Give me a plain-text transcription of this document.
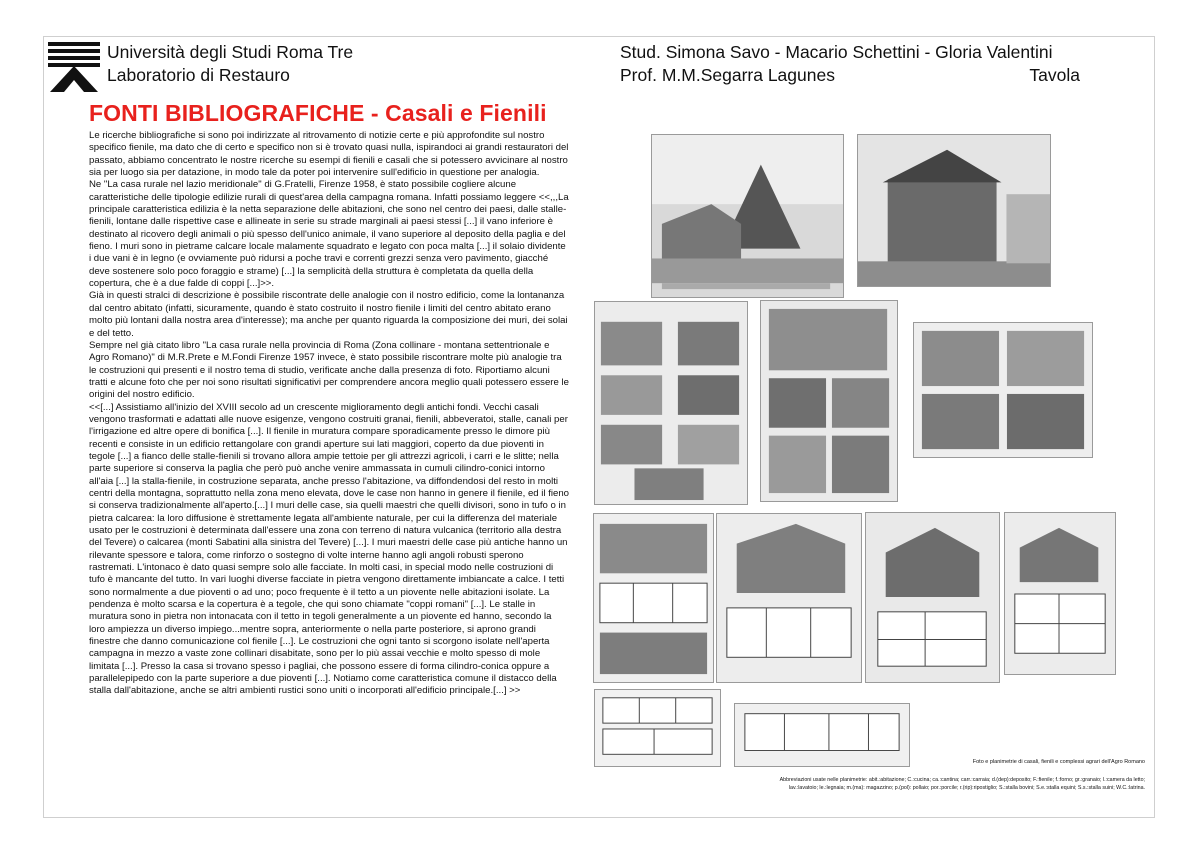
Università degli Studi Roma Tre
Laboratorio di Restauro
Stud. Simona Savo - Macario Schettini - Gloria Valentini
Prof. M.M.Segarra Lagunes	Tavola
FONTI BIBLIOGRAFICHE - Casali e Fienili

Le ricerche bibliografiche si sono poi indirizzate al ritrovamento di notizie certe e più approfondite sul nostro specifico fienile, ma dato che di certo e specifico non si è trovato quasi nulla, ispirandoci ai grandi restauratori del passato, abbiamo concentrato le nostre ricerche su esempi di fienili e casali che si potessero avvicinare al nostro sia per luogo sia per datazione, in modo tale da poter poi intervenire sull'edificio in questione per analogia.

Ne "La casa rurale nel lazio meridionale" di G.Fratelli, Firenze 1958, è stato possibile cogliere alcune caratteristiche delle tipologie edilizie rurali di quest'area della campagna romana. Infatti possiamo leggere <<,,,La principale caratteristica edilizia è la netta separazione delle abitazioni, che sono nel centro dei paesi, dalle stalle-fienili, lontane dalle rispettive case e allineate in serie su strade marginali ai paesi stessi [...] il vano inferiore è destinato al ricovero degli animali o più spesso dell'unico animale, il vano superiore al deposito della paglia e del fieno. I muri sono in pietrame calcare locale malamente squadrato e legato con poca malta [...] il solaio dividente i due vani è in legno (e ovviamente può ridursi a poche travi e correnti grezzi senza vero pavimento, giacché deve sostenere solo poco foraggio e strame) [...] la semplicità della struttura è completata da quella della copertura, che è a due falde di coppi [...]>>.

Già in questi stralci di descrizione è possibile riscontrate delle analogie con il nostro edificio, come la lontananza dal centro abitato (infatti, sicuramente, quando è stato costruito il nostro fienile i limiti del centro abitato erano molto più lontani dalla nostra area d'interesse); ma anche per quanto riguarda la composizione dei muri, dei solai e del tetto.

Sempre nel già citato libro "La casa rurale nella provincia di Roma (Zona collinare - montana settentrionale e Agro Romano)" di M.R.Prete e M.Fondi Firenze 1957 invece, è stato possibile riscontrare molte più analogie tra le costruzioni qui presenti e il nostro tema di studio, verificate anche dalla presenza di foto. Riportiamo alcuni tratti e alcune foto che per noi sono risultati significativi per comprendere ancora meglio quali potessero essere le origini del nostro edificio.

<<[...] Assistiamo all'inizio del XVIII secolo ad un crescente miglioramento degli antichi fondi. Vecchi casali vengono trasformati e adattati alle nuove esigenze, vengono costruiti granai, fienili, abbeveratoi, stalle, canali per l'irrigazione ed altre opere di bonifica [...]. Il fienile in muratura compare sporadicamente presso le dimore più recenti e consiste in un edificio rettangolare con grandi aperture sui lati maggiori, coperto da due pioventi in tegole [...] a fianco delle stalle-fienili si trovano allora ampie tettoie per gli attrezzi agricoli, i carri e le slitte; nella parte superiore si conserva la paglia che però può anche venire ammassata in cumuli cilindro-conici intorno all'aia [...] la stalla-fienile, in costruzione separata, anche presso l'abitazione, va diffondendosi del resto in molti centri della montagna, soprattutto nella zona meno elevata, dove le case non hanno in genere il fienile, ed il fieno si conserva tradizionalmente all'aperto.[...] I muri delle case, sia quelli maestri che quelli divisori, sono in tufo o in pietra calcarea: la loro diffusione è strettamente legata all'ambiente naturale, per cui la differenza del materiale usato per le costruzioni è determinata dall'essere una zona con terreno di natura vulcanica (territorio alla destra del Tevere) o calcarea (monti Sabatini alla sinistra del Tevere) [...]. I muri maestri delle case più antiche hanno un rilevante spessore e talora, come rinforzo o sostegno di volte interne hanno agli angoli robusti sperono rastremati. L'intonaco è dato quasi sempre solo alle facciate. In molti casi, in special modo nelle costruzioni di tufo è mancante del tutto. In vari luoghi diverse facciate in pietra vengono direttamente imbiancate a calce. I tetti sono normalmente a due pioventi o ad uno; poco frequente è il tetto a un piovente nelle abitazioni isolate. La pendenza è molto scarsa e la copertura è a tegole, che qui sono chiamate "coppi romani" [...]. Le stalle in muratura sono in pietra non intonacata con il tetto in tegoli generalmente a un piovente ed hanno, secondo la loro ampiezza un diverso impiego...mentre sopra, anteriormente o nella parte posteriore, si aprono grandi finestre che danno comunicazione col fienile [...]. Le costruzioni che ogni tanto si scorgono isolate nell'aperta campagna in mezzo a vaste zone collinari disabitate, sono per lo più assai vecchie e molto spesso di mole limitata [...]. Presso la casa si trovano spesso i pagliai, che possono essere di forma cilindro-conica oppure a parallelepipedo con la parte superiore a due pioventi [...]. Notiamo come caratteristica comune il distacco della stalla dall'abitazione, anche se altri ambienti rustici sono uniti o incorporati all'edificio principale.[...] >>

Foto e planimetrie di casali, fienili e complessi agrari dell'Agro Romano
Abbreviazioni usate nelle planimetrie: abit.:abitazione; C.:cucina; ca.:cantina; carr.:carraia; d.(dep):deposito; F.:fienile; f.:forno; gr.:granaio; l.:camera da letto; lav.:lavatoio; le.:legnaia; m.(ma): magazzino; p.(pol): pollaio; por.:porcile; r.(rip):ripostiglio; S.:stalla bovini; S.e.:stalla equini; S.s.:stalla suini; W.C.:latrina.
